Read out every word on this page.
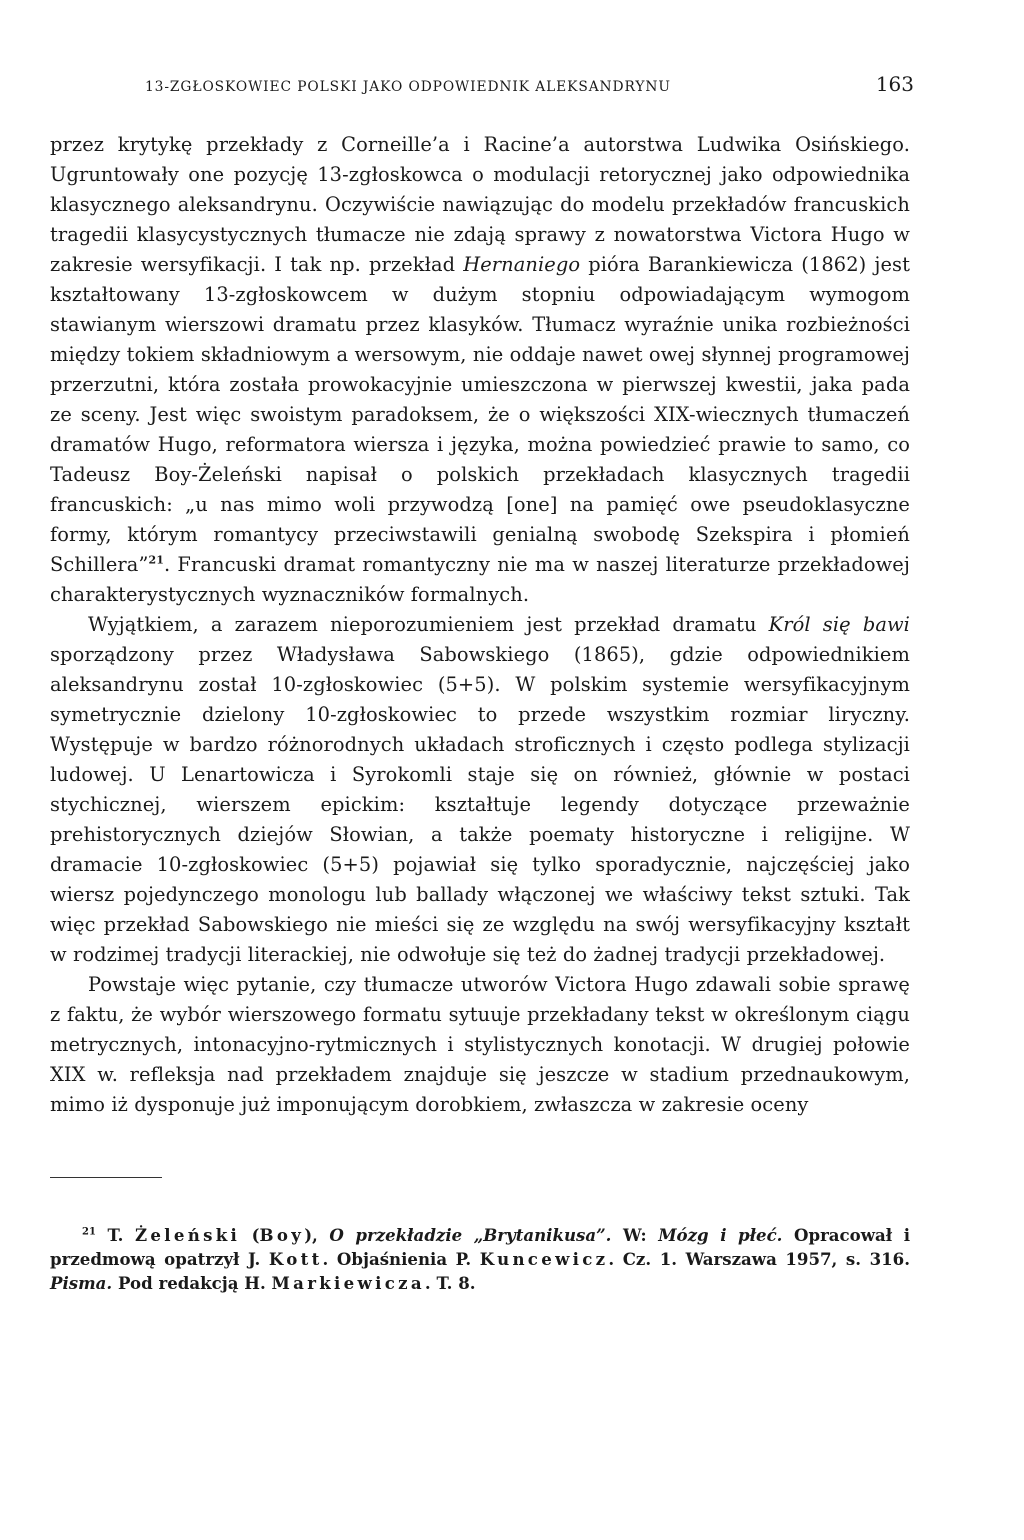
13-ZGŁOSKOWIEC POLSKI JAKO ODPOWIEDNIK ALEKSANDRYNU	163

przez krytykę przekłady z Corneille’a i Racine’a autorstwa Ludwika Osińskiego. Ugruntowały one pozycję 13-zgłoskowca o modulacji retorycznej jako odpowiednika klasycznego aleksandrynu. Oczywiście nawiązując do modelu przekładów francuskich tragedii klasycystycznych tłumacze nie zdają sprawy z nowatorstwa Victora Hugo w zakresie wersyfikacji. I tak np. przekład Hernaniego pióra Barankiewicza (1862) jest kształtowany 13-zgłoskowcem w dużym stopniu odpowiadającym wymogom stawianym wierszowi dramatu przez klasyków. Tłumacz wyraźnie unika rozbieżności między tokiem składniowym a wersowym, nie oddaje nawet owej słynnej programowej przerzutni, która została prowokacyjnie umieszczona w pierwszej kwestii, jaka pada ze sceny. Jest więc swoistym paradoksem, że o większości XIX-wiecznych tłumaczeń dramatów Hugo, reformatora wiersza i języka, można powiedzieć prawie to samo, co Tadeusz Boy-Żeleński napisał o polskich przekładach klasycznych tragedii francuskich: „u nas mimo woli przywodzą [one] na pamięć owe pseudoklasyczne formy, którym romantycy przeciwstawili genialną swobodę Szekspira i płomień Schillera”$^{21}$. Francuski dramat romantyczny nie ma w naszej literaturze przekładowej charakterystycznych wyznaczników formalnych.

Wyjątkiem, a zarazem nieporozumieniem jest przekład dramatu Król się bawi sporządzony przez Władysława Sabowskiego (1865), gdzie odpowiednikiem aleksandrynu został 10-zgłoskowiec (5+5). W polskim systemie wersyfikacyjnym symetrycznie dzielony 10-zgłoskowiec to przede wszystkim rozmiar liryczny. Występuje w bardzo różnorodnych układach stroficznych i często podlega stylizacji ludowej. U Lenartowicza i Syrokomli staje się on również, głównie w postaci stychicznej, wierszem epickim: kształtuje legendy dotyczące przeważnie prehistorycznych dziejów Słowian, a także poematy historyczne i religijne. W dramacie 10-zgłoskowiec (5+5) pojawiał się tylko sporadycznie, najczęściej jako wiersz pojedynczego monologu lub ballady włączonej we właściwy tekst sztuki. Tak więc przekład Sabowskiego nie mieści się ze względu na swój wersyfikacyjny kształt w rodzimej tradycji literackiej, nie odwołuje się też do żadnej tradycji przekładowej.

Powstaje więc pytanie, czy tłumacze utworów Victora Hugo zdawali sobie sprawę z faktu, że wybór wierszowego formatu sytuuje przekładany tekst w określonym ciągu metrycznych, intonacyjno-rytmicznych i stylistycznych konotacji. W drugiej połowie XIX w. refleksja nad przekładem znajduje się jeszcze w stadium przednaukowym, mimo iż dysponuje już imponującym dorobkiem, zwłaszcza w zakresie oceny

$^{21}$ T. Żeleński (Boy), O przekładzie „Brytanikusa”. W: Mózg i płeć. Opracował i przedmową opatrzył J. Kott. Objaśnienia P. Kuncewicz. Cz. 1. Warszawa 1957, s. 316. Pisma. Pod redakcją H. Markiewicza. T. 8.
